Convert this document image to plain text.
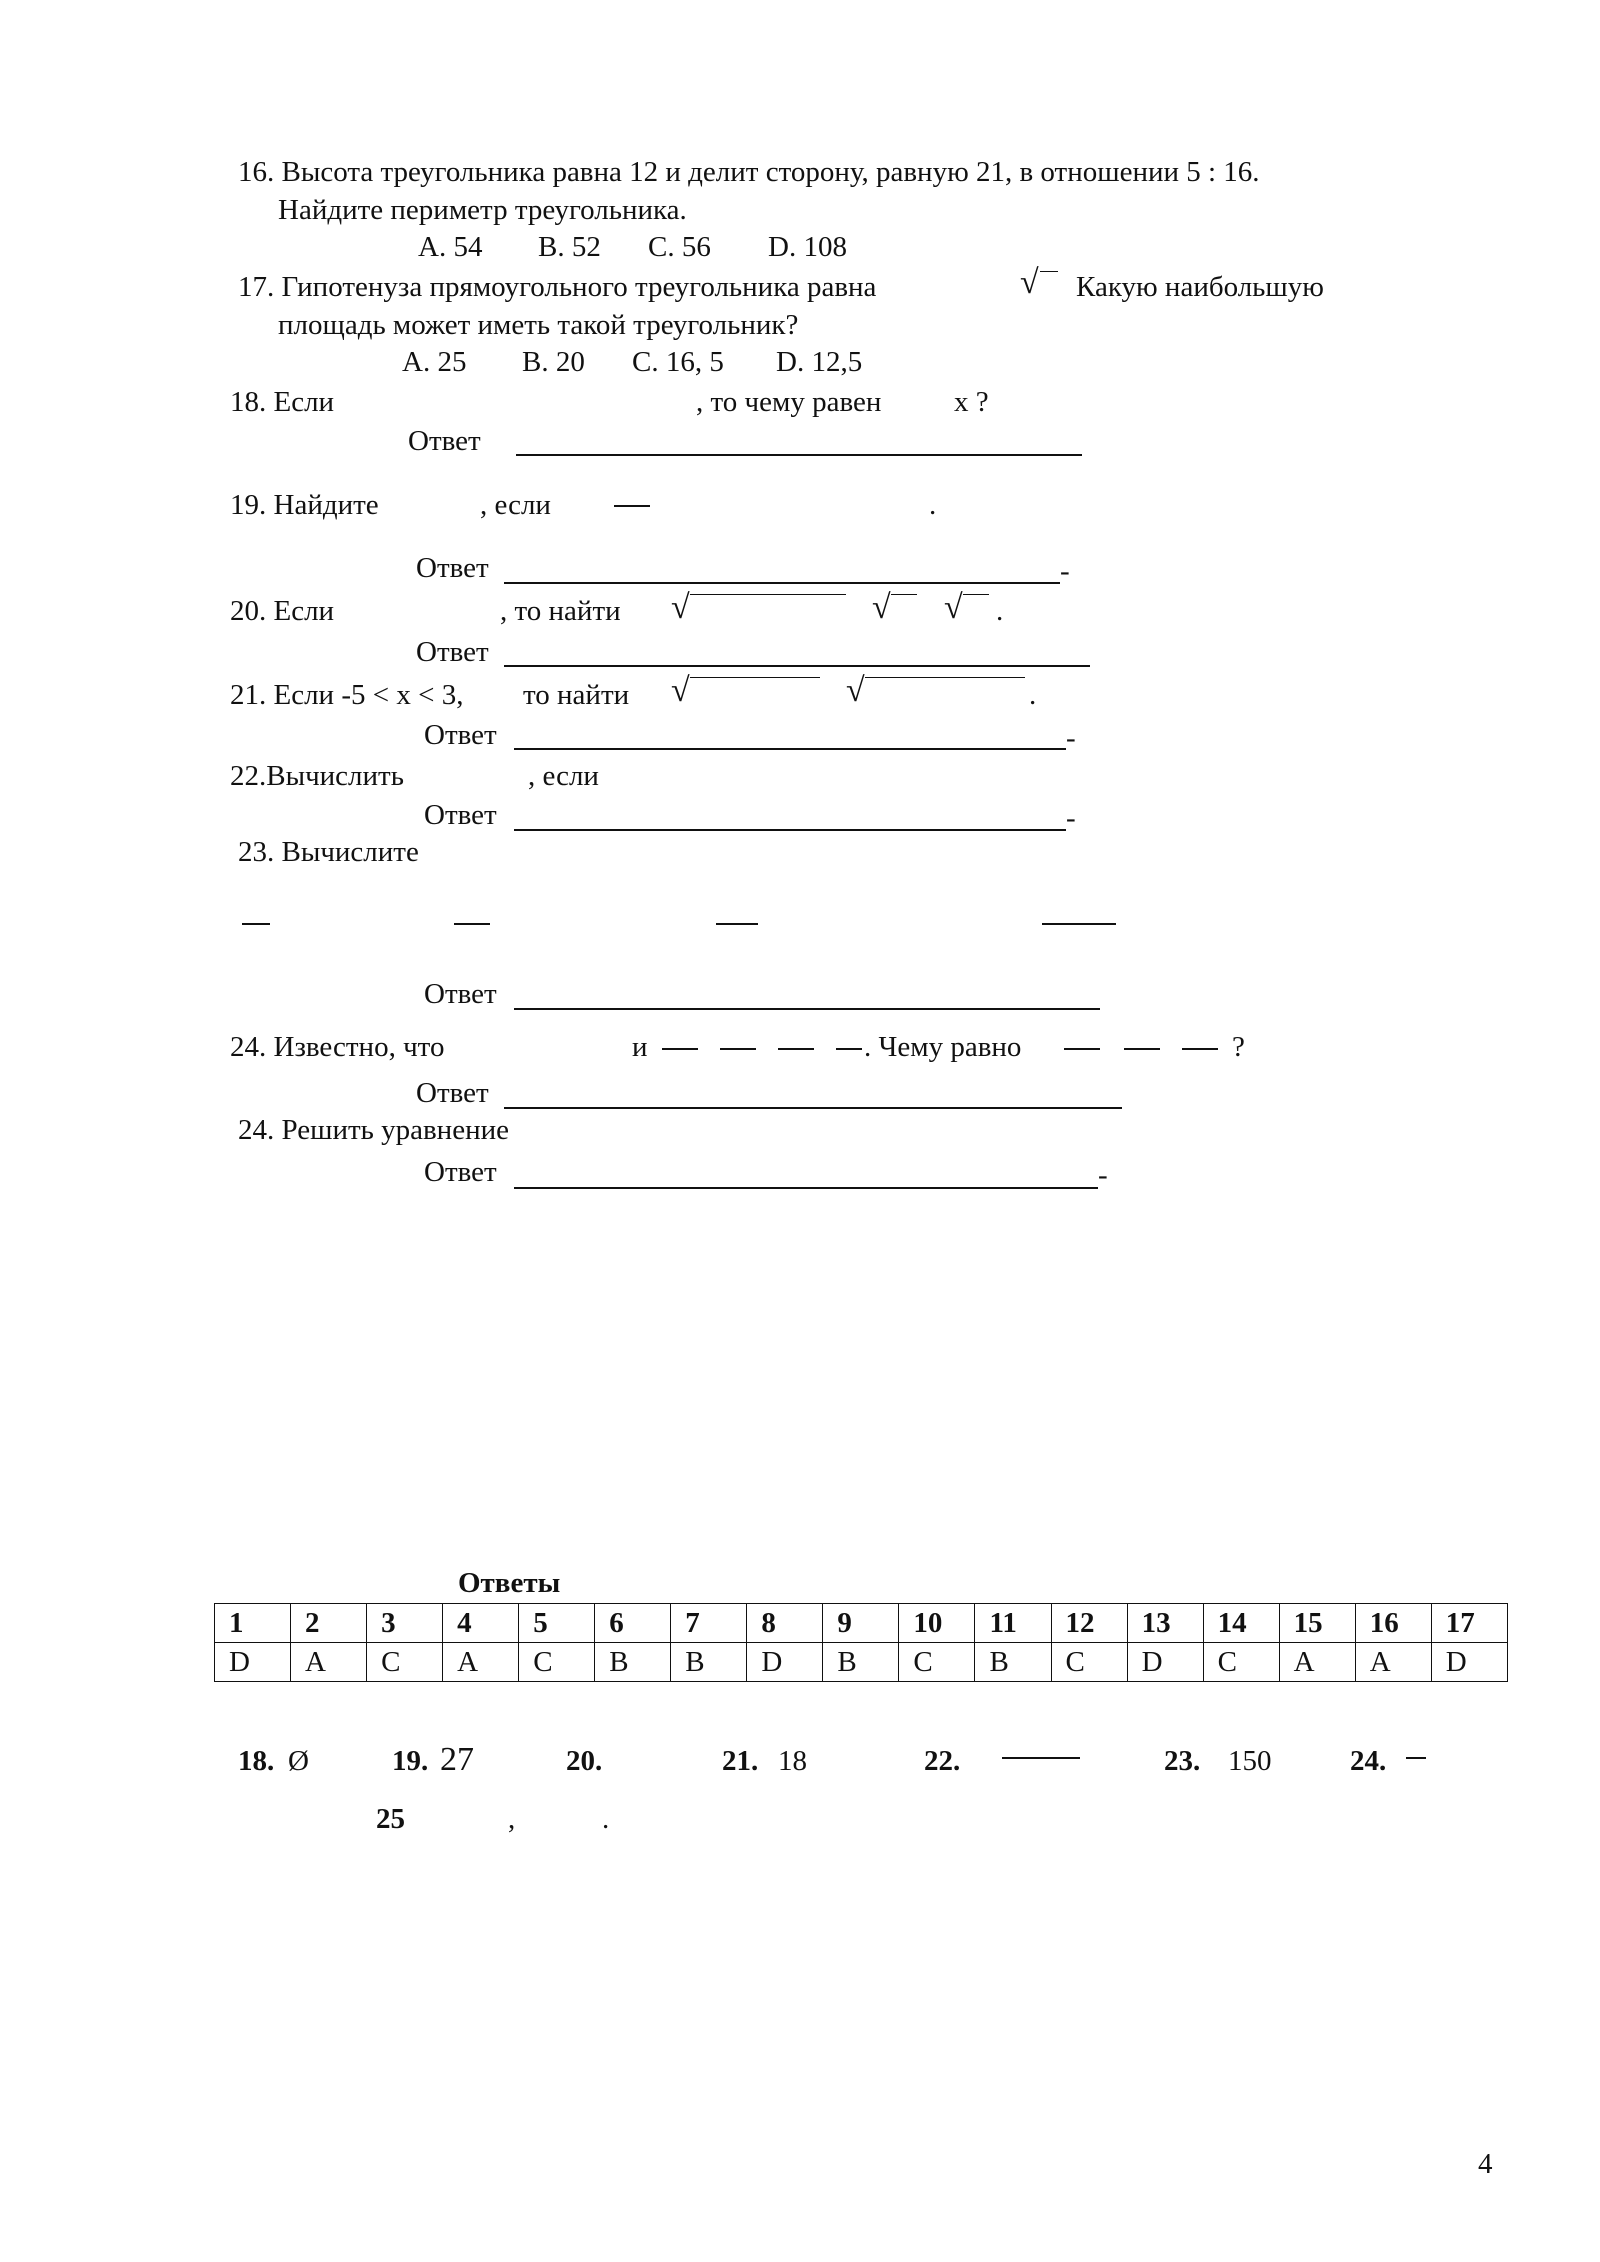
16. Высота треугольника равна 12 и делит сторону, равную 21, в отношении 5 : 16.
Найдите периметр треугольника.
A. 54 B. 52 C. 56 D. 108
17. Гипотенуза прямоугольного треугольника равна	√ Какую наибольшую
площадь может иметь такой треугольник?
A. 25 B. 20 C. 16, 5 D. 12,5
18. Если	, то чему равен	x ?
Ответ
19. Найдите	, если	.
Ответ	-
20. Если	, то найти √	√ √ .
Ответ
21. Если -5 < x < 3, то найти √	√	.
Ответ	-
22.Вычислить	, если
Ответ	-
23. Вычислите
Ответ
24. Известно, что	и	. Чему равно	?
Ответ
24. Решить уравнение
Ответ	-
Ответы
1	2	3	4	5	6	7	8	9	10	11	12	13	14	15	16	17
D	A	C	A	C	B	B	D	B	C	B	C	D	C	A	A	D
18. Ø	19. 27	20.	21. 18	22.	23. 150	24.
25	,	.
4
